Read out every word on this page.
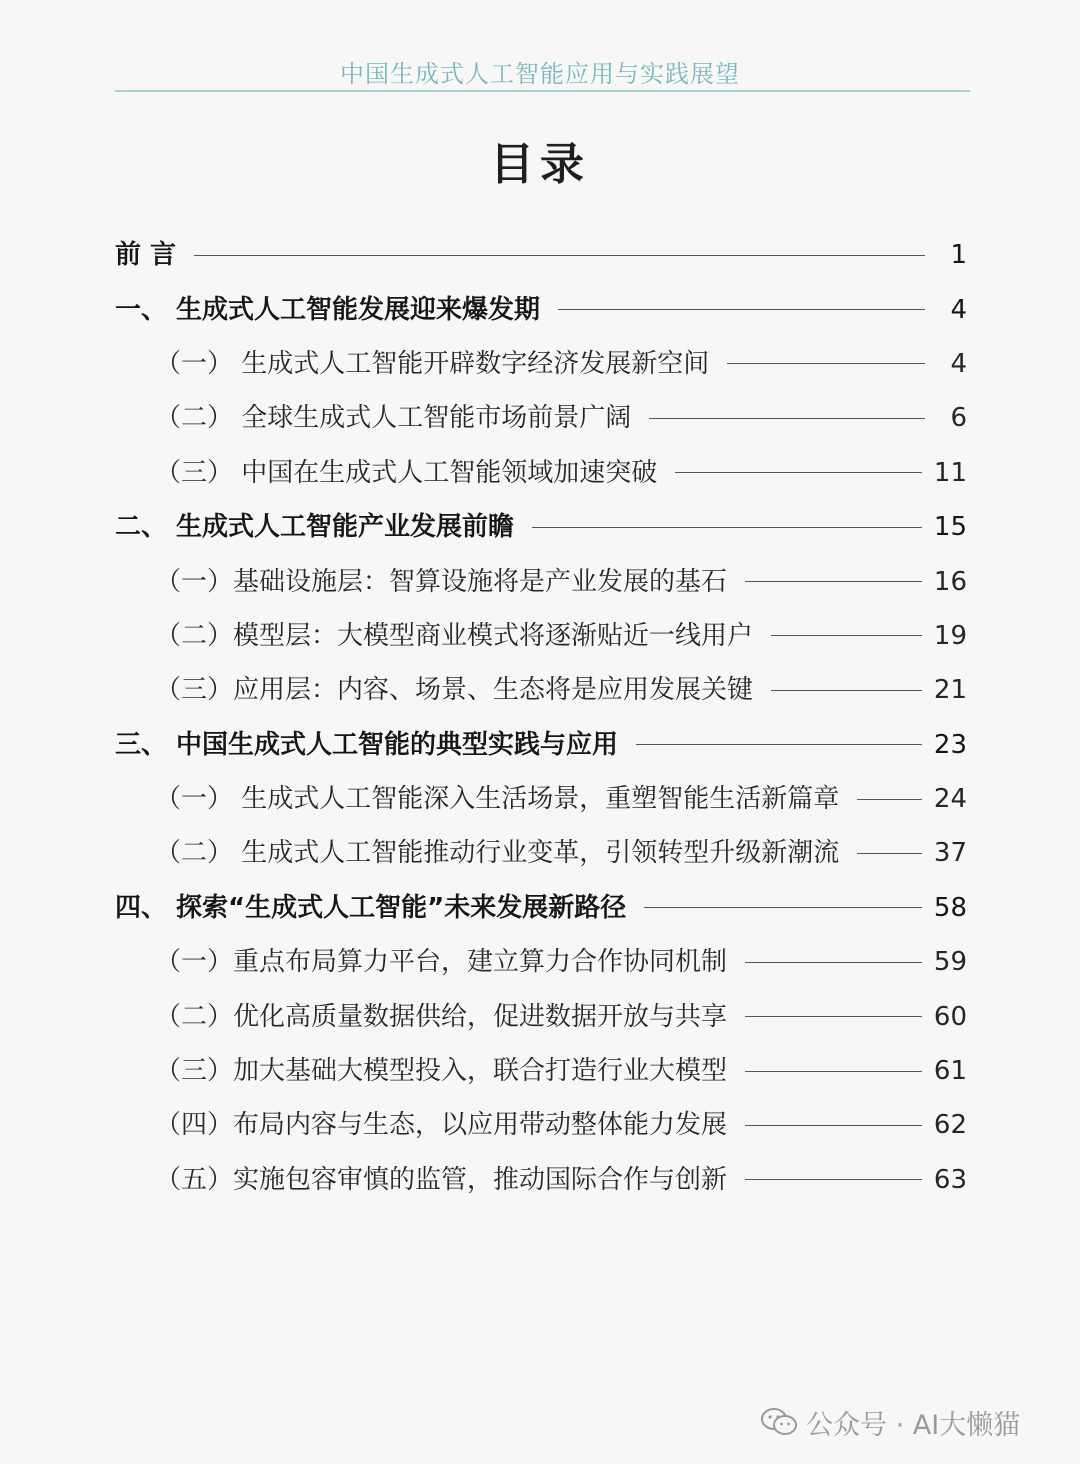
中国生成式人工智能应用与实践展望
目录
前 言	1
一、 生成式人工智能发展迎来爆发期	4
（一） 生成式人工智能开辟数字经济发展新空间	4
（二） 全球生成式人工智能市场前景广阔	6
（三） 中国在生成式人工智能领域加速突破	11
二、 生成式人工智能产业发展前瞻	15
（一）基础设施层：智算设施将是产业发展的基石	16
（二）模型层：大模型商业模式将逐渐贴近一线用户	19
（三）应用层：内容、场景、生态将是应用发展关键	21
三、 中国生成式人工智能的典型实践与应用	23
（一） 生成式人工智能深入生活场景，重塑智能生活新篇章	24
（二） 生成式人工智能推动行业变革，引领转型升级新潮流	37
四、 探索“生成式人工智能”未来发展新路径	58
（一）重点布局算力平台，建立算力合作协同机制	59
（二）优化高质量数据供给，促进数据开放与共享	60
（三）加大基础大模型投入，联合打造行业大模型	61
（四）布局内容与生态，以应用带动整体能力发展	62
（五）实施包容审慎的监管，推动国际合作与创新	63
公众号 · AI大懒猫
